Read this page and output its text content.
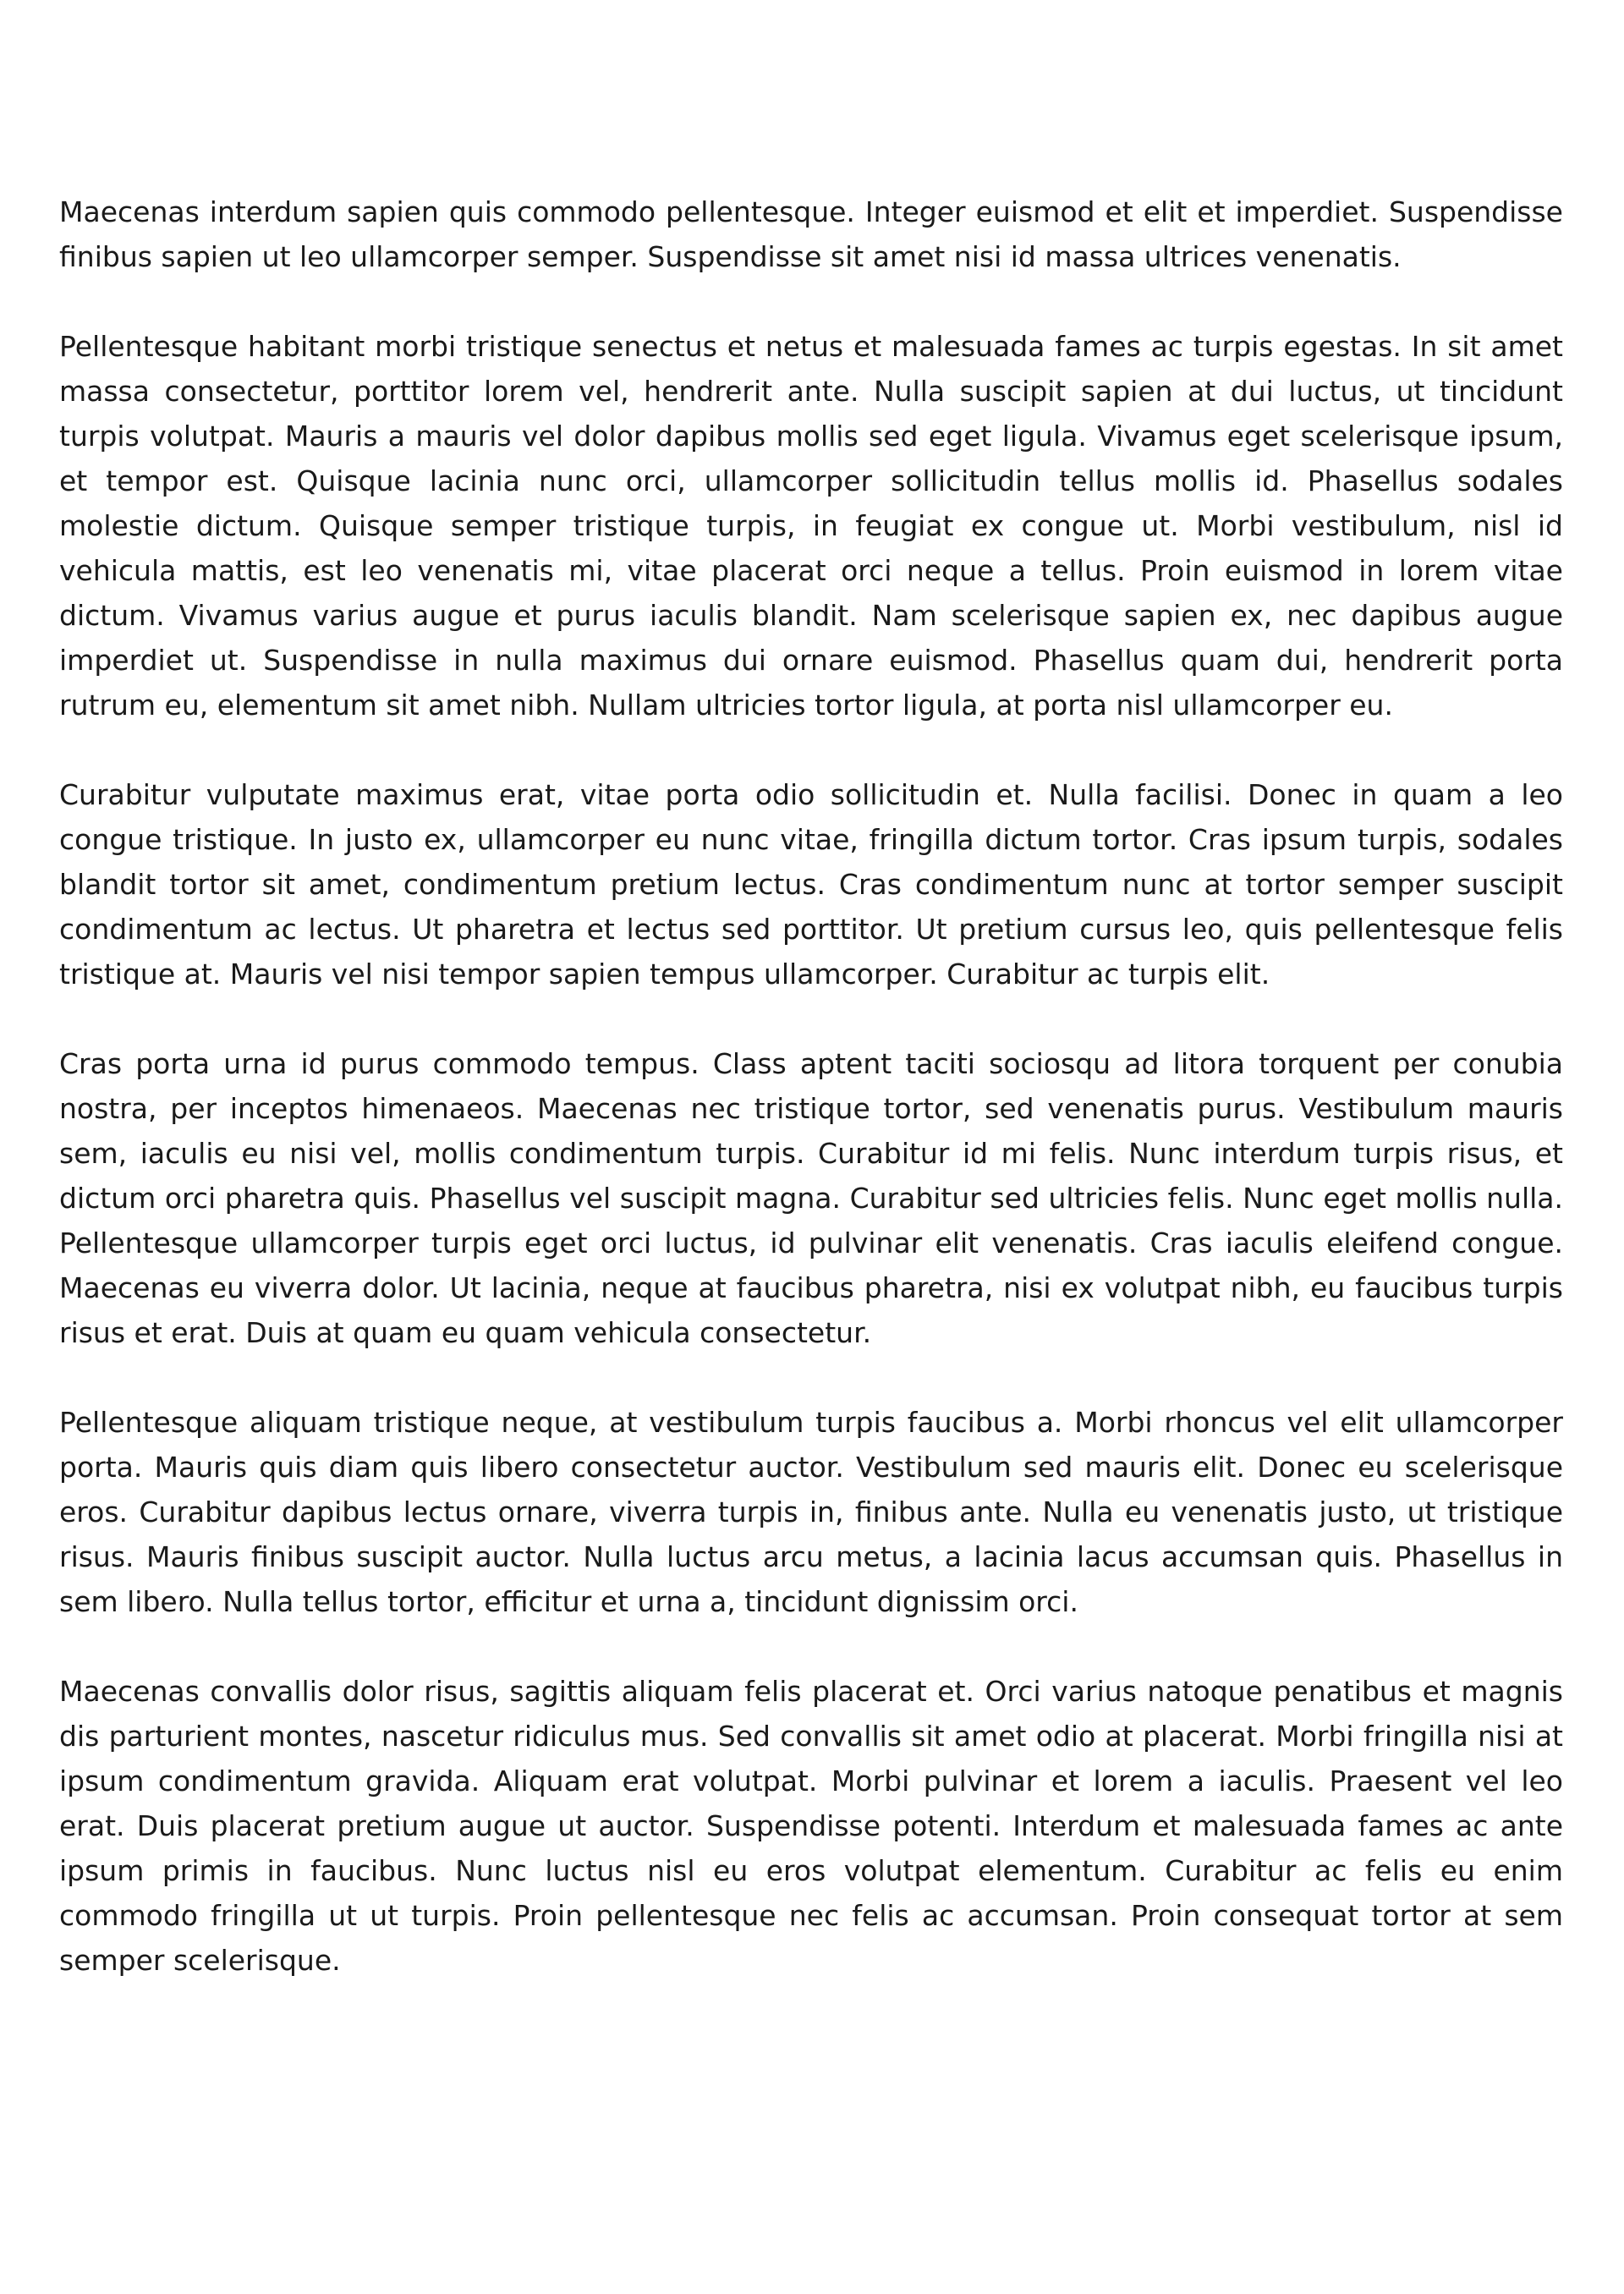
Maecenas interdum sapien quis commodo pellentesque. Integer euismod et elit et imperdiet. Suspendisse finibus sapien ut leo ullamcorper semper. Suspendisse sit amet nisi id massa ultrices venenatis.

Pellentesque habitant morbi tristique senectus et netus et malesuada fames ac turpis egestas. In sit amet massa consectetur, porttitor lorem vel, hendrerit ante. Nulla suscipit sapien at dui luctus, ut tincidunt turpis volutpat. Mauris a mauris vel dolor dapibus mollis sed eget ligula. Vivamus eget scelerisque ipsum, et tempor est. Quisque lacinia nunc orci, ullamcorper sollicitudin tellus mollis id. Phasellus sodales molestie dictum. Quisque semper tristique turpis, in feugiat ex congue ut. Morbi vestibulum, nisl id vehicula mattis, est leo venenatis mi, vitae placerat orci neque a tellus. Proin euismod in lorem vitae dictum. Vivamus varius augue et purus iaculis blandit. Nam scelerisque sapien ex, nec dapibus augue imperdiet ut. Suspendisse in nulla maximus dui ornare euismod. Phasellus quam dui, hendrerit porta rutrum eu, elementum sit amet nibh. Nullam ultricies tortor ligula, at porta nisl ullamcorper eu.

Curabitur vulputate maximus erat, vitae porta odio sollicitudin et. Nulla facilisi. Donec in quam a leo congue tristique. In justo ex, ullamcorper eu nunc vitae, fringilla dictum tortor. Cras ipsum turpis, sodales blandit tortor sit amet, condimentum pretium lectus. Cras condimentum nunc at tortor semper suscipit condimentum ac lectus. Ut pharetra et lectus sed porttitor. Ut pretium cursus leo, quis pellentesque felis tristique at. Mauris vel nisi tempor sapien tempus ullamcorper. Curabitur ac turpis elit.

Cras porta urna id purus commodo tempus. Class aptent taciti sociosqu ad litora torquent per conubia nostra, per inceptos himenaeos. Maecenas nec tristique tortor, sed venenatis purus. Vestibulum mauris sem, iaculis eu nisi vel, mollis condimentum turpis. Curabitur id mi felis. Nunc interdum turpis risus, et dictum orci pharetra quis. Phasellus vel suscipit magna. Curabitur sed ultricies felis. Nunc eget mollis nulla. Pellentesque ullamcorper turpis eget orci luctus, id pulvinar elit venenatis. Cras iaculis eleifend congue. Maecenas eu viverra dolor. Ut lacinia, neque at faucibus pharetra, nisi ex volutpat nibh, eu faucibus turpis risus et erat. Duis at quam eu quam vehicula consectetur.

Pellentesque aliquam tristique neque, at vestibulum turpis faucibus a. Morbi rhoncus vel elit ullamcorper porta. Mauris quis diam quis libero consectetur auctor. Vestibulum sed mauris elit. Donec eu scelerisque eros. Curabitur dapibus lectus ornare, viverra turpis in, finibus ante. Nulla eu venenatis justo, ut tristique risus. Mauris finibus suscipit auctor. Nulla luctus arcu metus, a lacinia lacus accumsan quis. Phasellus in sem libero. Nulla tellus tortor, efficitur et urna a, tincidunt dignissim orci.

Maecenas convallis dolor risus, sagittis aliquam felis placerat et. Orci varius natoque penatibus et magnis dis parturient montes, nascetur ridiculus mus. Sed convallis sit amet odio at placerat. Morbi fringilla nisi at ipsum condimentum gravida. Aliquam erat volutpat. Morbi pulvinar et lorem a iaculis. Praesent vel leo erat. Duis placerat pretium augue ut auctor. Suspendisse potenti. Interdum et malesuada fames ac ante ipsum primis in faucibus. Nunc luctus nisl eu eros volutpat elementum. Curabitur ac felis eu enim commodo fringilla ut ut turpis. Proin pellentesque nec felis ac accumsan. Proin consequat tortor at sem semper scelerisque.
